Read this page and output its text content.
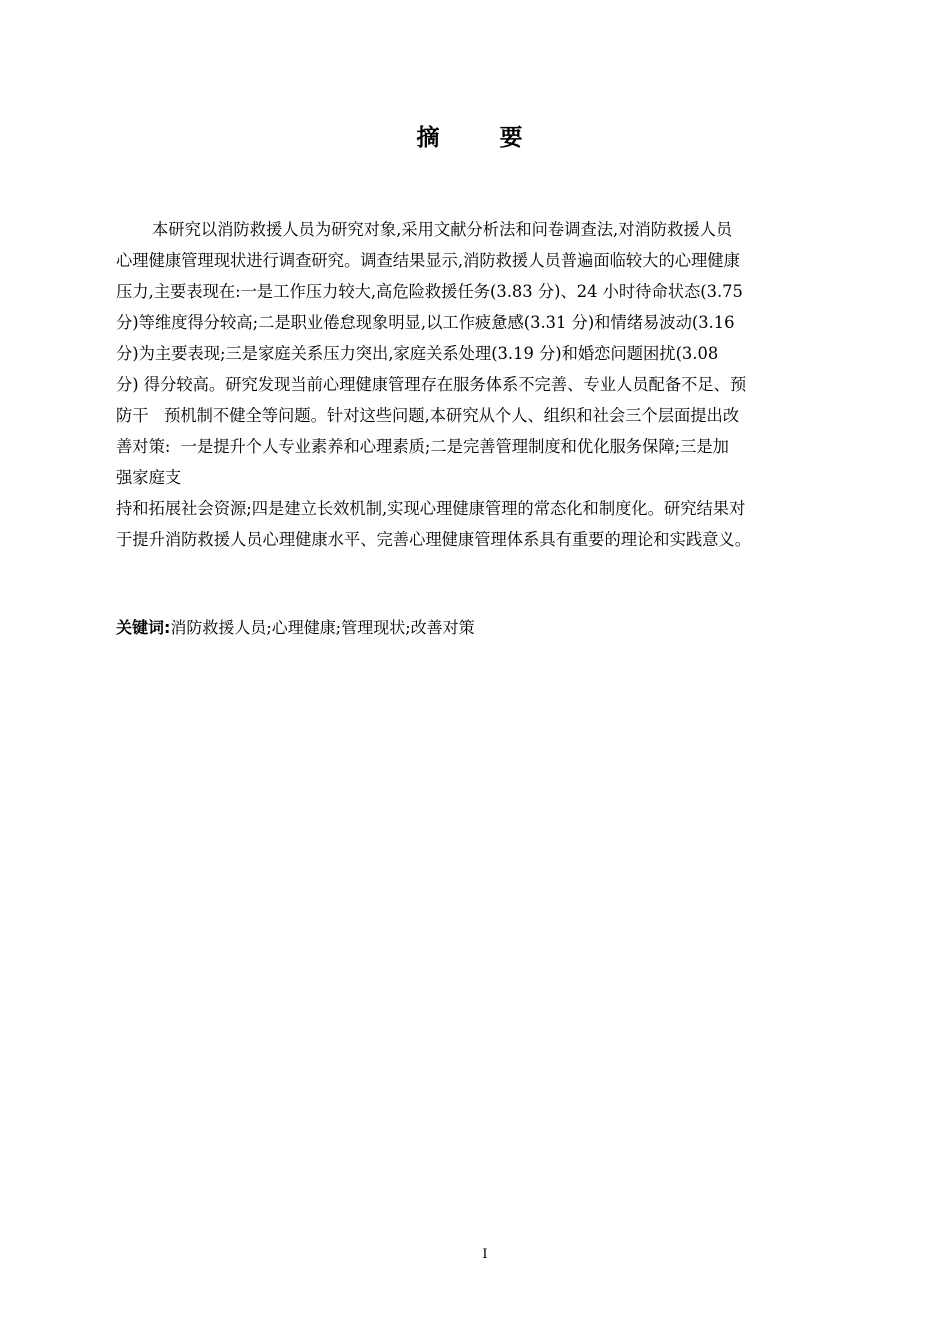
摘 要
本研究以消防救援人员为研究对象,采用文献分析法和问卷调查法,对消防救援人员
心理健康管理现状进行调查研究。调查结果显示,消防救援人员普遍面临较大的心理健康
压力,主要表现在:一是工作压力较大,高危险救援任务(3.83 分)、24 小时待命状态(3.75
分)等维度得分较高;二是职业倦怠现象明显,以工作疲惫感(3.31 分)和情绪易波动(3.16
分)为主要表现;三是家庭关系压力突出,家庭关系处理(3.19 分)和婚恋问题困扰(3.08
分) 得分较高。研究发现当前心理健康管理存在服务体系不完善、专业人员配备不足、预
防干   预机制不健全等问题。针对这些问题,本研究从个人、组织和社会三个层面提出改
善对策:  一是提升个人专业素养和心理素质;二是完善管理制度和优化服务保障;三是加
强家庭支
持和拓展社会资源;四是建立长效机制,实现心理健康管理的常态化和制度化。研究结果对
于提升消防救援人员心理健康水平、完善心理健康管理体系具有重要的理论和实践意义。
关键词:消防救援人员;心理健康;管理现状;改善对策
I
